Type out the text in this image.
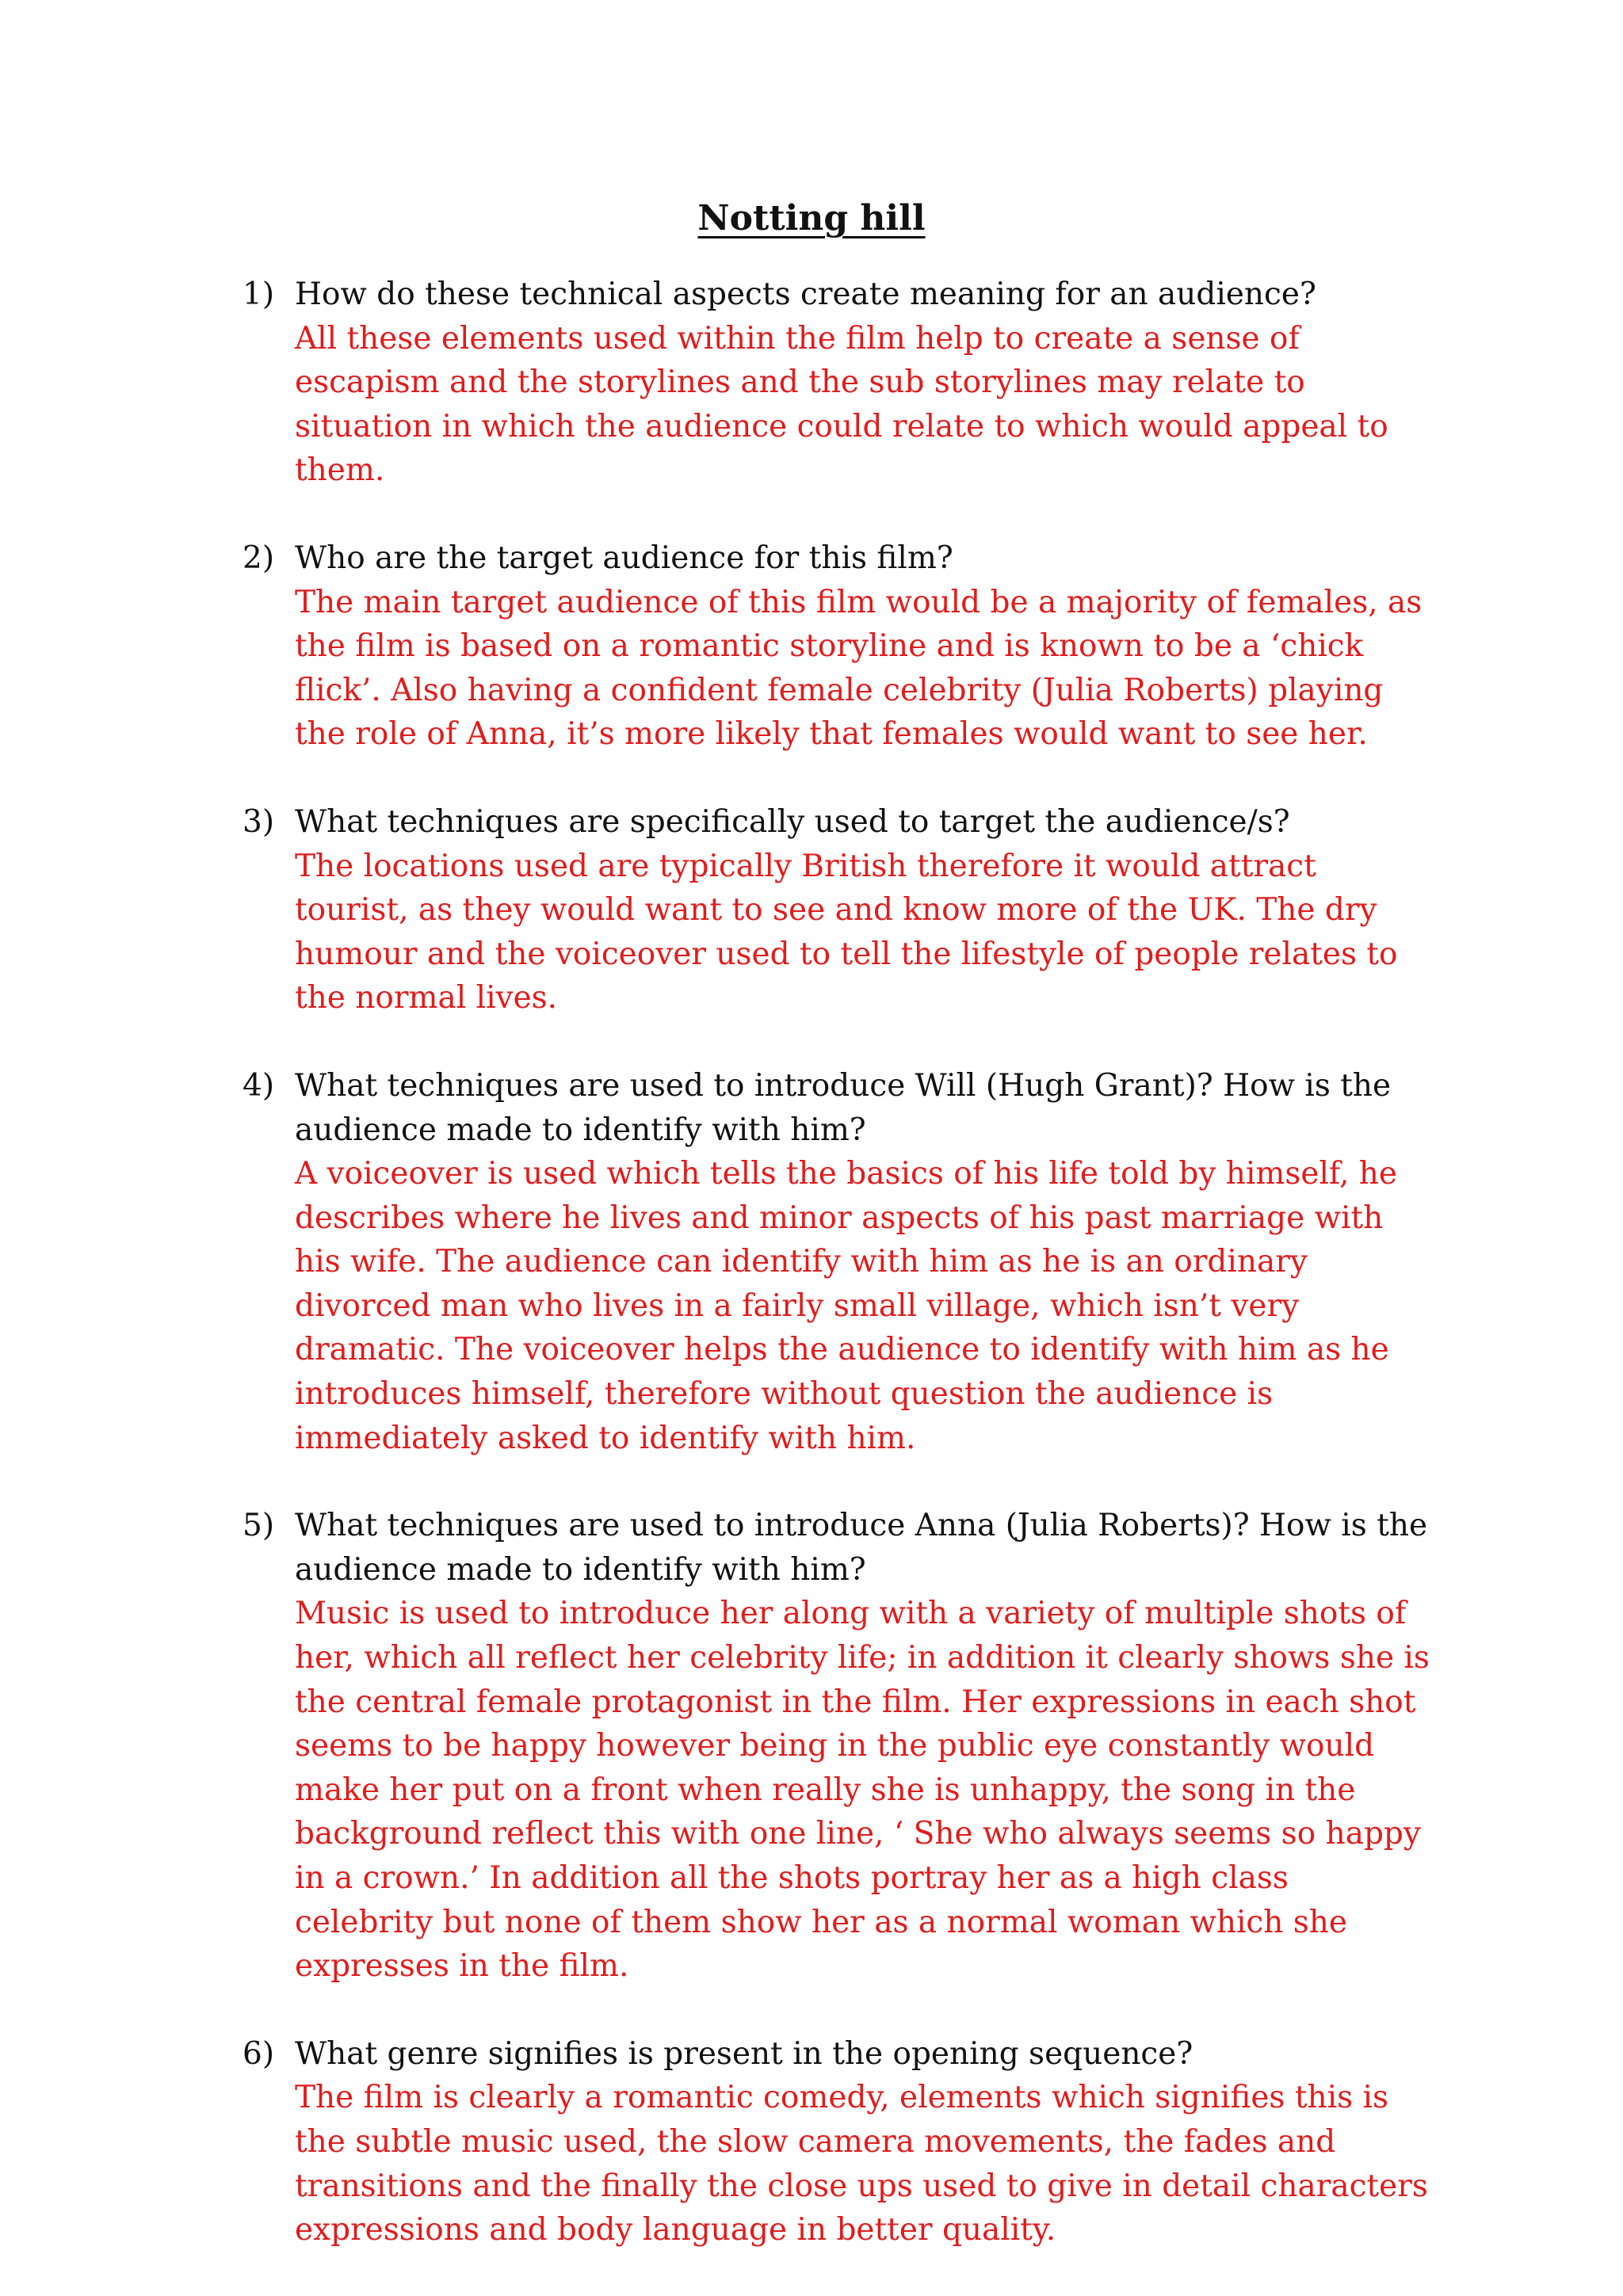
Notting hill
1) How do these technical aspects create meaning for an audience?

All these elements used within the film help to create a sense of escapism and the storylines and the sub storylines may relate to situation in which the audience could relate to which would appeal to them.

2) Who are the target audience for this film?

The main target audience of this film would be a majority of females, as the film is based on a romantic storyline and is known to be a ‘chick flick’. Also having a confident female celebrity (Julia Roberts) playing the role of Anna, it’s more likely that females would want to see her.

3) What techniques are specifically used to target the audience/s?

The locations used are typically British therefore it would attract tourist, as they would want to see and know more of the UK. The dry humour and the voiceover used to tell the lifestyle of people relates to the normal lives.

4) What techniques are used to introduce Will (Hugh Grant)? How is the audience made to identify with him?

A voiceover is used which tells the basics of his life told by himself, he describes where he lives and minor aspects of his past marriage with his wife. The audience can identify with him as he is an ordinary divorced man who lives in a fairly small village, which isn’t very dramatic. The voiceover helps the audience to identify with him as he introduces himself, therefore without question the audience is immediately asked to identify with him.

5) What techniques are used to introduce Anna (Julia Roberts)? How is the audience made to identify with him?

Music is used to introduce her along with a variety of multiple shots of her, which all reflect her celebrity life; in addition it clearly shows she is the central female protagonist in the film. Her expressions in each shot seems to be happy however being in the public eye constantly would make her put on a front when really she is unhappy, the song in the background reflect this with one line, ‘ She who always seems so happy in a crown.’ In addition all the shots portray her as a high class celebrity but none of them show her as a normal woman which she expresses in the film.

6) What genre signifies is present in the opening sequence?

The film is clearly a romantic comedy, elements which signifies this is the subtle music used, the slow camera movements, the fades and transitions and the finally the close ups used to give in detail characters expressions and body language in better quality.
